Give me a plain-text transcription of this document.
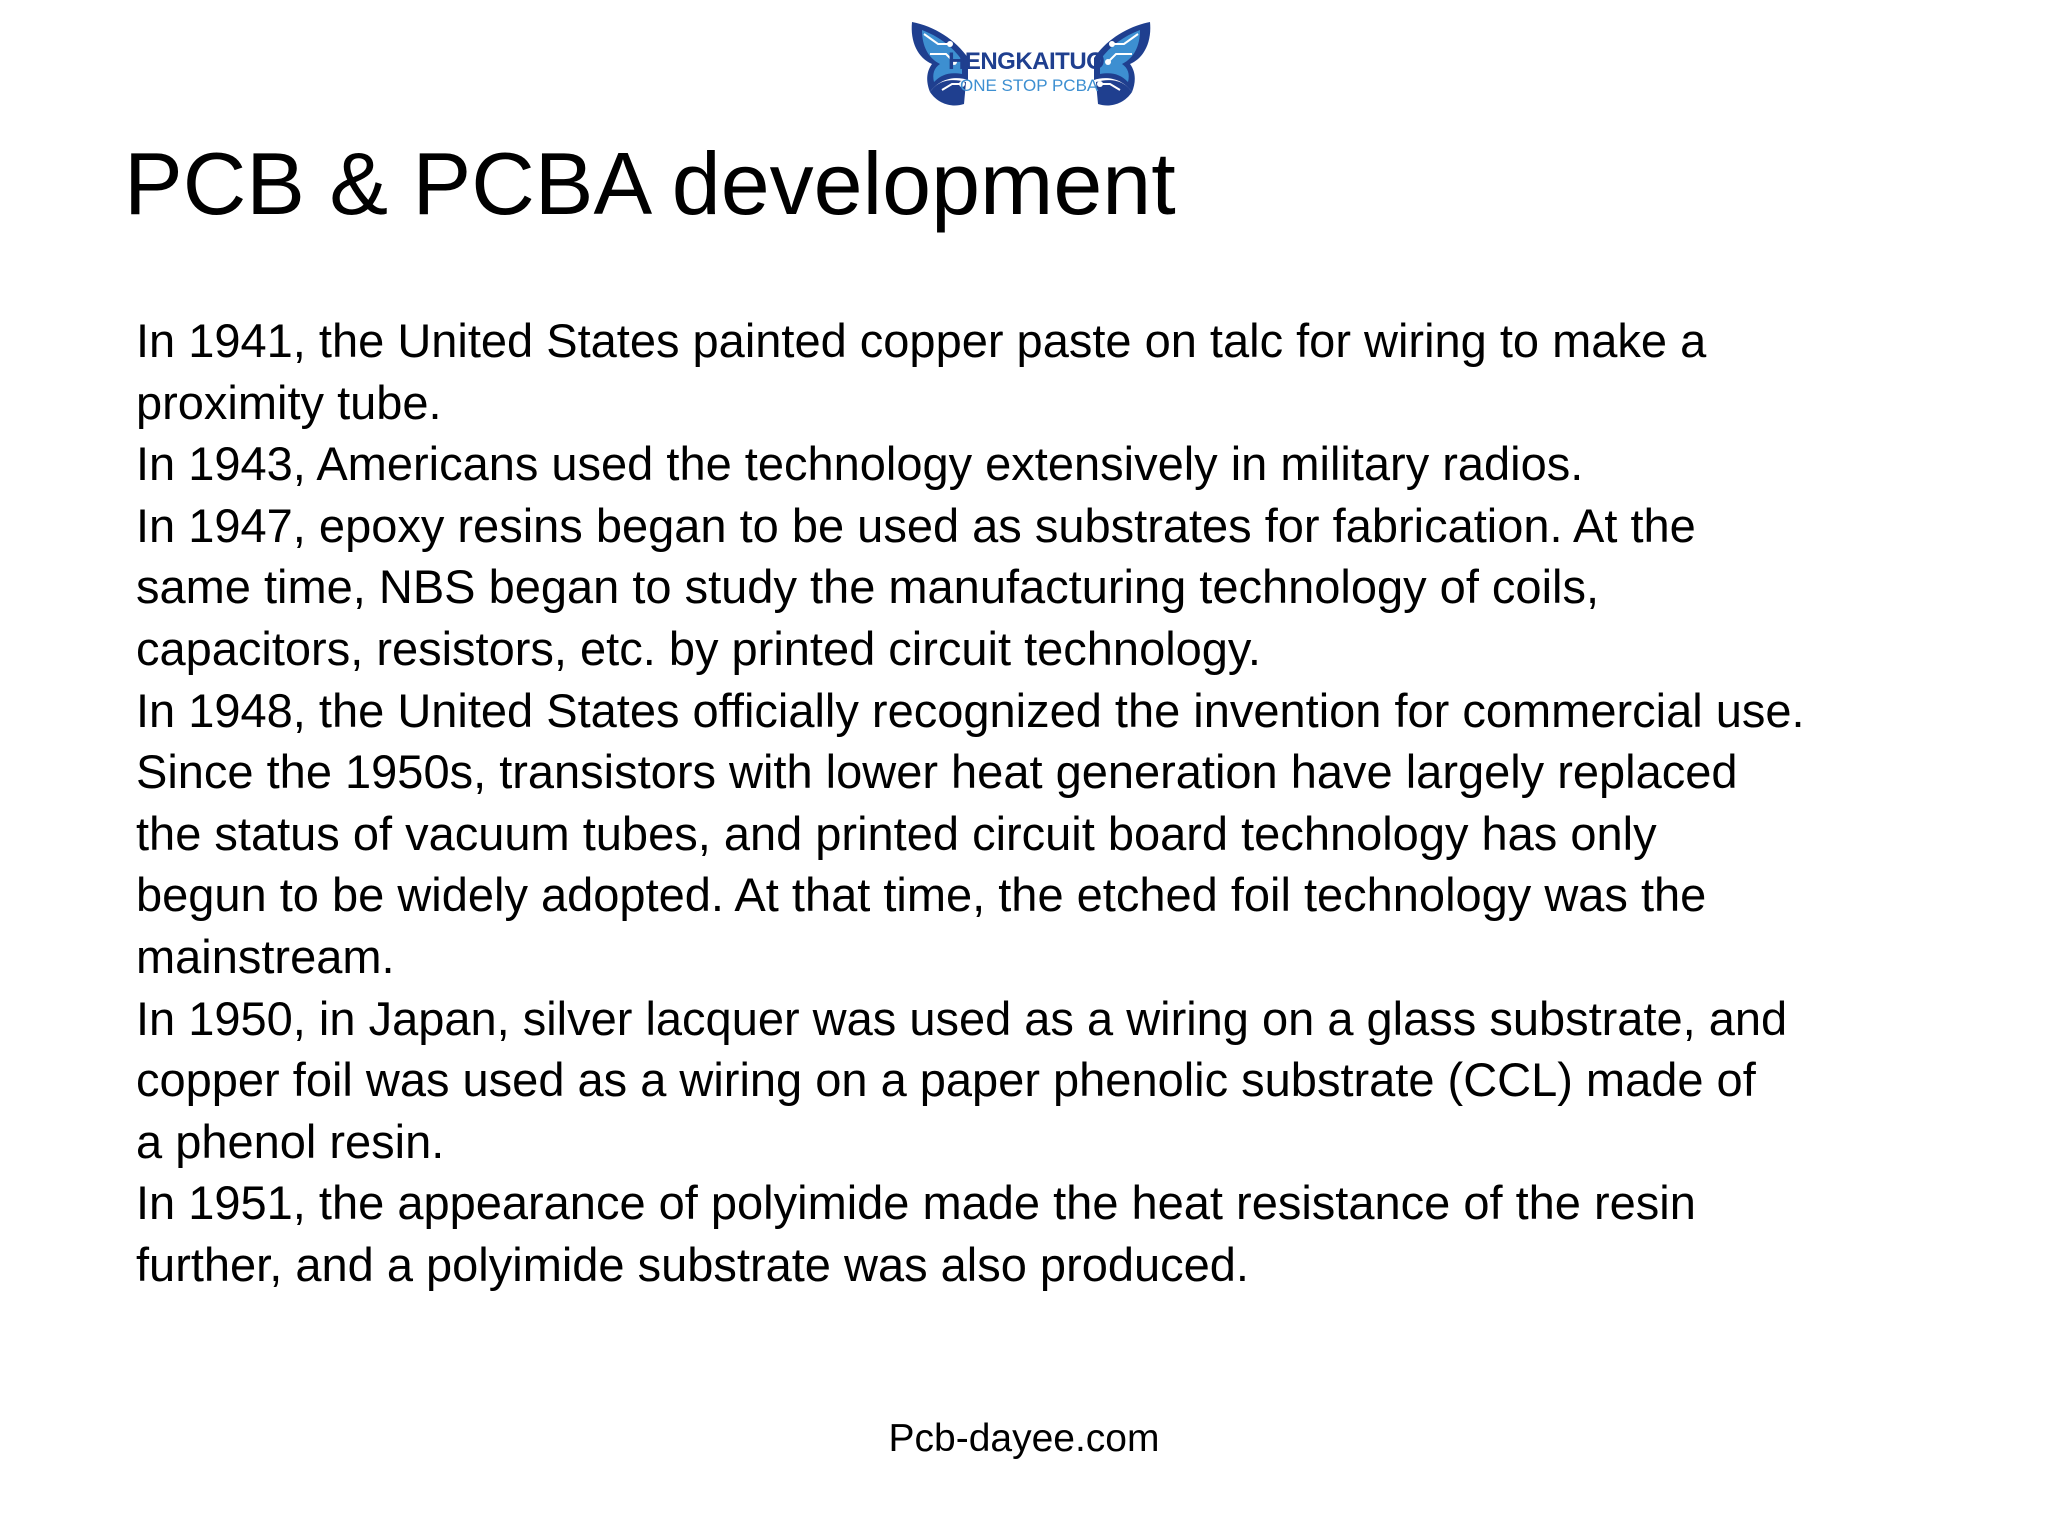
HENGKAITUO
ONE STOP PCBA
PCB & PCBA development

In 1941, the United States painted copper paste on talc for wiring to make a
proximity tube.

In 1943, Americans used the technology extensively in military radios.

In 1947, epoxy resins began to be used as substrates for fabrication. At the
same time, NBS began to study the manufacturing technology of coils,
capacitors, resistors, etc. by printed circuit technology.

In 1948, the United States officially recognized the invention for commercial use.

Since the 1950s, transistors with lower heat generation have largely replaced
the status of vacuum tubes, and printed circuit board technology has only
begun to be widely adopted. At that time, the etched foil technology was the
mainstream.

In 1950, in Japan, silver lacquer was used as a wiring on a glass substrate, and
copper foil was used as a wiring on a paper phenolic substrate (CCL) made of
a phenol resin.

In 1951, the appearance of polyimide made the heat resistance of the resin
further, and a polyimide substrate was also produced.

Pcb-dayee.com
